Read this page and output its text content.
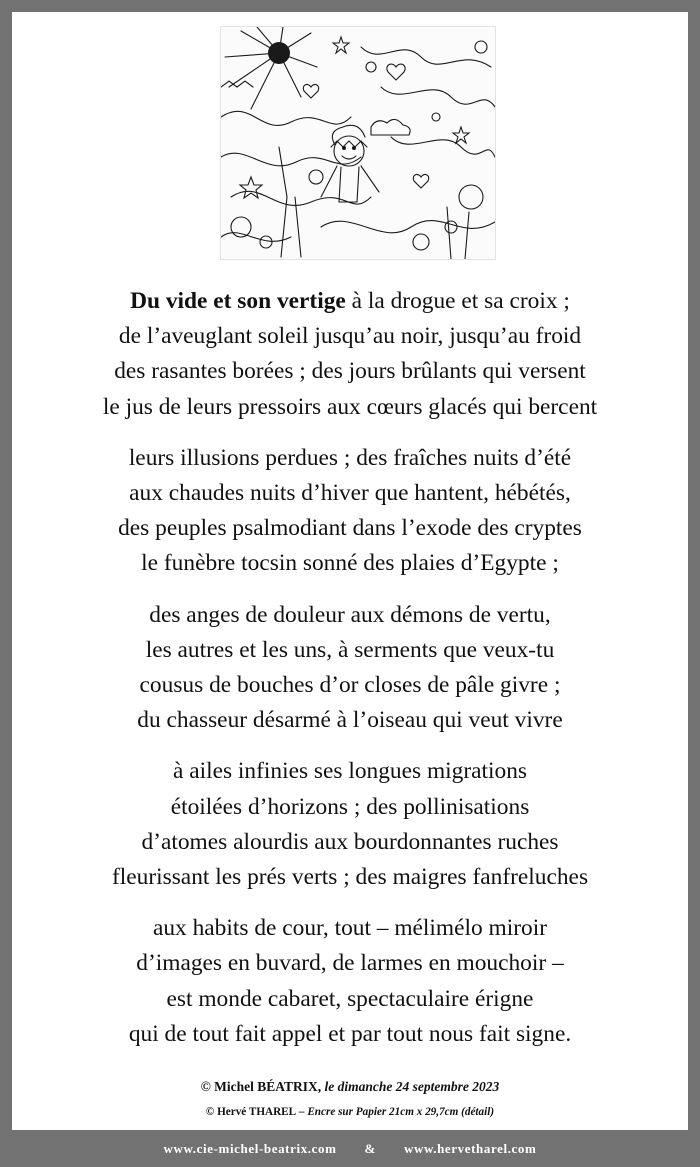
Du vide et son vertige à la drogue et sa croix ;
de l’aveuglant soleil jusqu’au noir, jusqu’au froid
des rasantes borées ; des jours brûlants qui versent
le jus de leurs pressoirs aux cœurs glacés qui bercent
leurs illusions perdues ; des fraîches nuits d’été
aux chaudes nuits d’hiver que hantent, hébétés,
des peuples psalmodiant dans l’exode des cryptes
le funèbre tocsin sonné des plaies d’Egypte ;
des anges de douleur aux démons de vertu,
les autres et les uns, à serments que veux-tu
cousus de bouches d’or closes de pâle givre ;
du chasseur désarmé à l’oiseau qui veut vivre
à ailes infinies ses longues migrations
étoilées d’horizons ; des pollinisations
d’atomes alourdis aux bourdonnantes ruches
fleurissant les prés verts ; des maigres fanfreluches
aux habits de cour, tout – mélimélo miroir
d’images en buvard, de larmes en mouchoir –
est monde cabaret, spectaculaire érigne
qui de tout fait appel et par tout nous fait signe.
© Michel BÉATRIX, le dimanche 24 septembre 2023
© Hervé THAREL – Encre sur Papier 21cm x 29,7cm (détail)
www.cie-michel-beatrix.com & www.hervetharel.com
